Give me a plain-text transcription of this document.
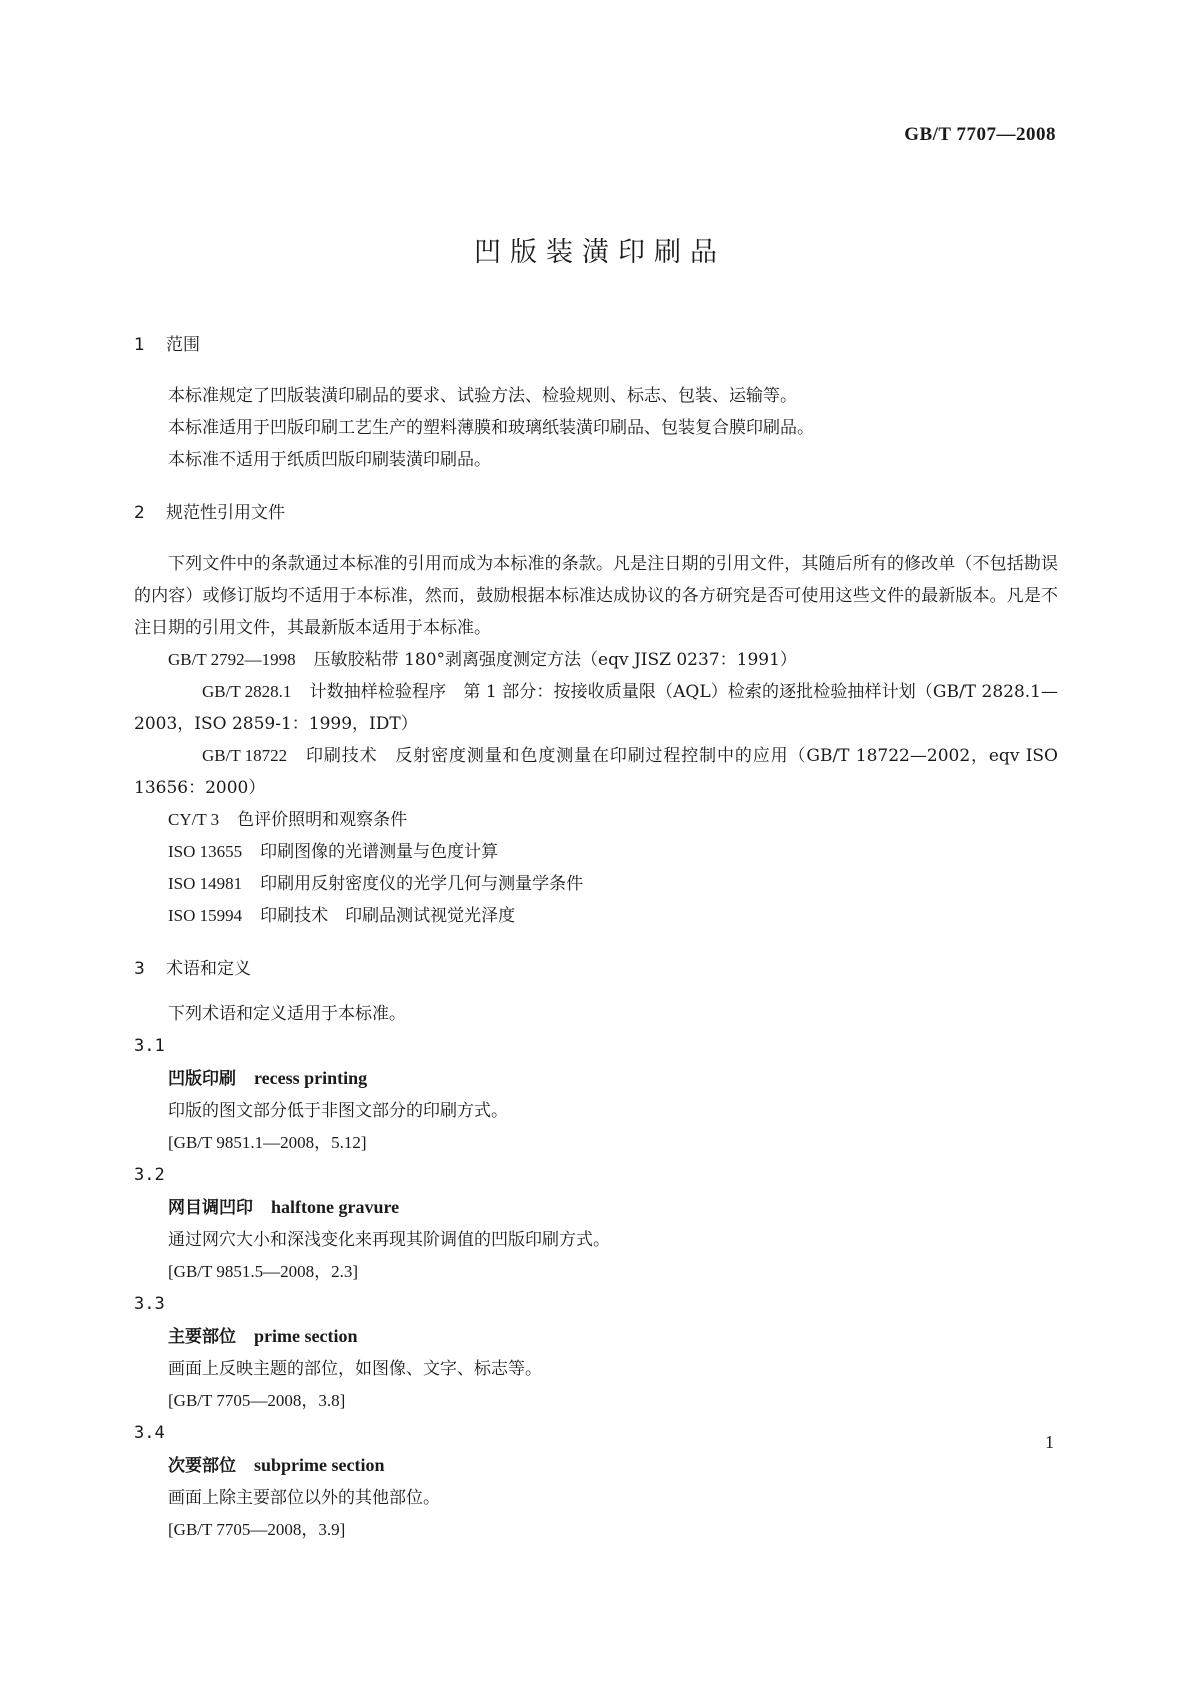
GB/T 7707—2008
凹版装潢印刷品
1 范围
本标准规定了凹版装潢印刷品的要求、试验方法、检验规则、标志、包装、运输等。
本标准适用于凹版印刷工艺生产的塑料薄膜和玻璃纸装潢印刷品、包装复合膜印刷品。
本标准不适用于纸质凹版印刷装潢印刷品。
2 规范性引用文件
下列文件中的条款通过本标准的引用而成为本标准的条款。凡是注日期的引用文件，其随后所有的修改单（不包括勘误的内容）或修订版均不适用于本标准，然而，鼓励根据本标准达成协议的各方研究是否可使用这些文件的最新版本。凡是不注日期的引用文件，其最新版本适用于本标准。
GB/T 2792—1998 压敏胶粘带 180°剥离强度测定方法（eqv JISZ 0237：1991）
GB/T 2828.1 计数抽样检验程序　第 1 部分：按接收质量限（AQL）检索的逐批检验抽样计划（GB/T 2828.1—2003，ISO 2859-1：1999，IDT）
GB/T 18722 印刷技术　反射密度测量和色度测量在印刷过程控制中的应用（GB/T 18722—2002，eqv ISO 13656：2000）
CY/T 3 色评价照明和观察条件
ISO 13655 印刷图像的光谱测量与色度计算
ISO 14981 印刷用反射密度仪的光学几何与测量学条件
ISO 15994 印刷技术　印刷品测试视觉光泽度
3 术语和定义
下列术语和定义适用于本标准。
3.1
凹版印刷 recess printing
印版的图文部分低于非图文部分的印刷方式。
[GB/T 9851.1—2008，5.12]
3.2
网目调凹印 halftone gravure
通过网穴大小和深浅变化来再现其阶调值的凹版印刷方式。
[GB/T 9851.5—2008，2.3]
3.3
主要部位 prime section
画面上反映主题的部位，如图像、文字、标志等。
[GB/T 7705—2008，3.8]
3.4
次要部位 subprime section
画面上除主要部位以外的其他部位。
[GB/T 7705—2008，3.9]
1
